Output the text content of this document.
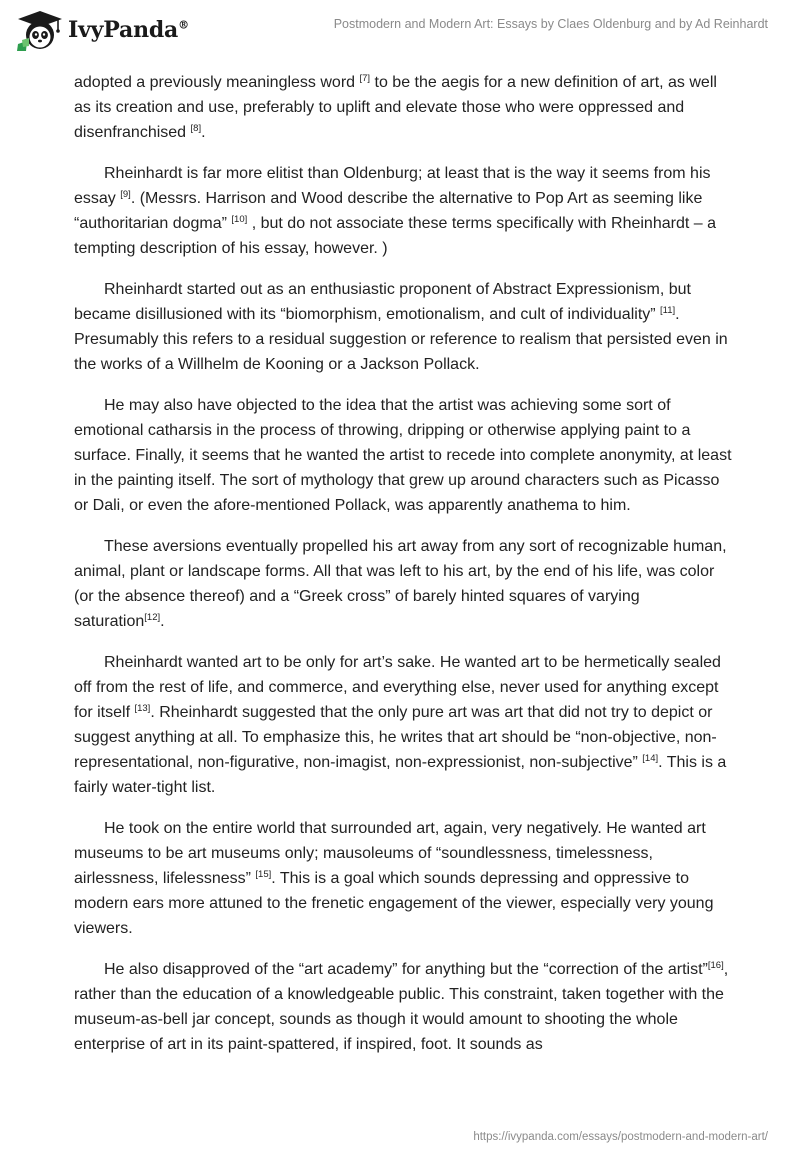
IvyPanda®	Postmodern and Modern Art: Essays by Claes Oldenburg and by Ad Reinhardt

adopted a previously meaningless word [7] to be the aegis for a new definition of art, as well as its creation and use, preferably to uplift and elevate those who were oppressed and disenfranchised [8].

Rheinhardt is far more elitist than Oldenburg; at least that is the way it seems from his essay [9]. (Messrs. Harrison and Wood describe the alternative to Pop Art as seeming like “authoritarian dogma” [10] , but do not associate these terms specifically with Rheinhardt – a tempting description of his essay, however. )

Rheinhardt started out as an enthusiastic proponent of Abstract Expressionism, but became disillusioned with its “biomorphism, emotionalism, and cult of individuality” [11]. Presumably this refers to a residual suggestion or reference to realism that persisted even in the works of a Willhelm de Kooning or a Jackson Pollack.

He may also have objected to the idea that the artist was achieving some sort of emotional catharsis in the process of throwing, dripping or otherwise applying paint to a surface. Finally, it seems that he wanted the artist to recede into complete anonymity, at least in the painting itself. The sort of mythology that grew up around characters such as Picasso or Dali, or even the afore-mentioned Pollack, was apparently anathema to him.

These aversions eventually propelled his art away from any sort of recognizable human, animal, plant or landscape forms. All that was left to his art, by the end of his life, was color (or the absence thereof) and a “Greek cross” of barely hinted squares of varying saturation[12].

Rheinhardt wanted art to be only for art’s sake. He wanted art to be hermetically sealed off from the rest of life, and commerce, and everything else, never used for anything except for itself [13]. Rheinhardt suggested that the only pure art was art that did not try to depict or suggest anything at all. To emphasize this, he writes that art should be “non-objective, non-representational, non-figurative, non-imagist, non-expressionist, non-subjective” [14]. This is a fairly water-tight list.

He took on the entire world that surrounded art, again, very negatively. He wanted art museums to be art museums only; mausoleums of “soundlessness, timelessness, airlessness, lifelessness” [15]. This is a goal which sounds depressing and oppressive to modern ears more attuned to the frenetic engagement of the viewer, especially very young viewers.

He also disapproved of the “art academy” for anything but the “correction of the artist”[16], rather than the education of a knowledgeable public. This constraint, taken together with the museum-as-bell jar concept, sounds as though it would amount to shooting the whole enterprise of art in its paint-spattered, if inspired, foot. It sounds as

https://ivypanda.com/essays/postmodern-and-modern-art/
